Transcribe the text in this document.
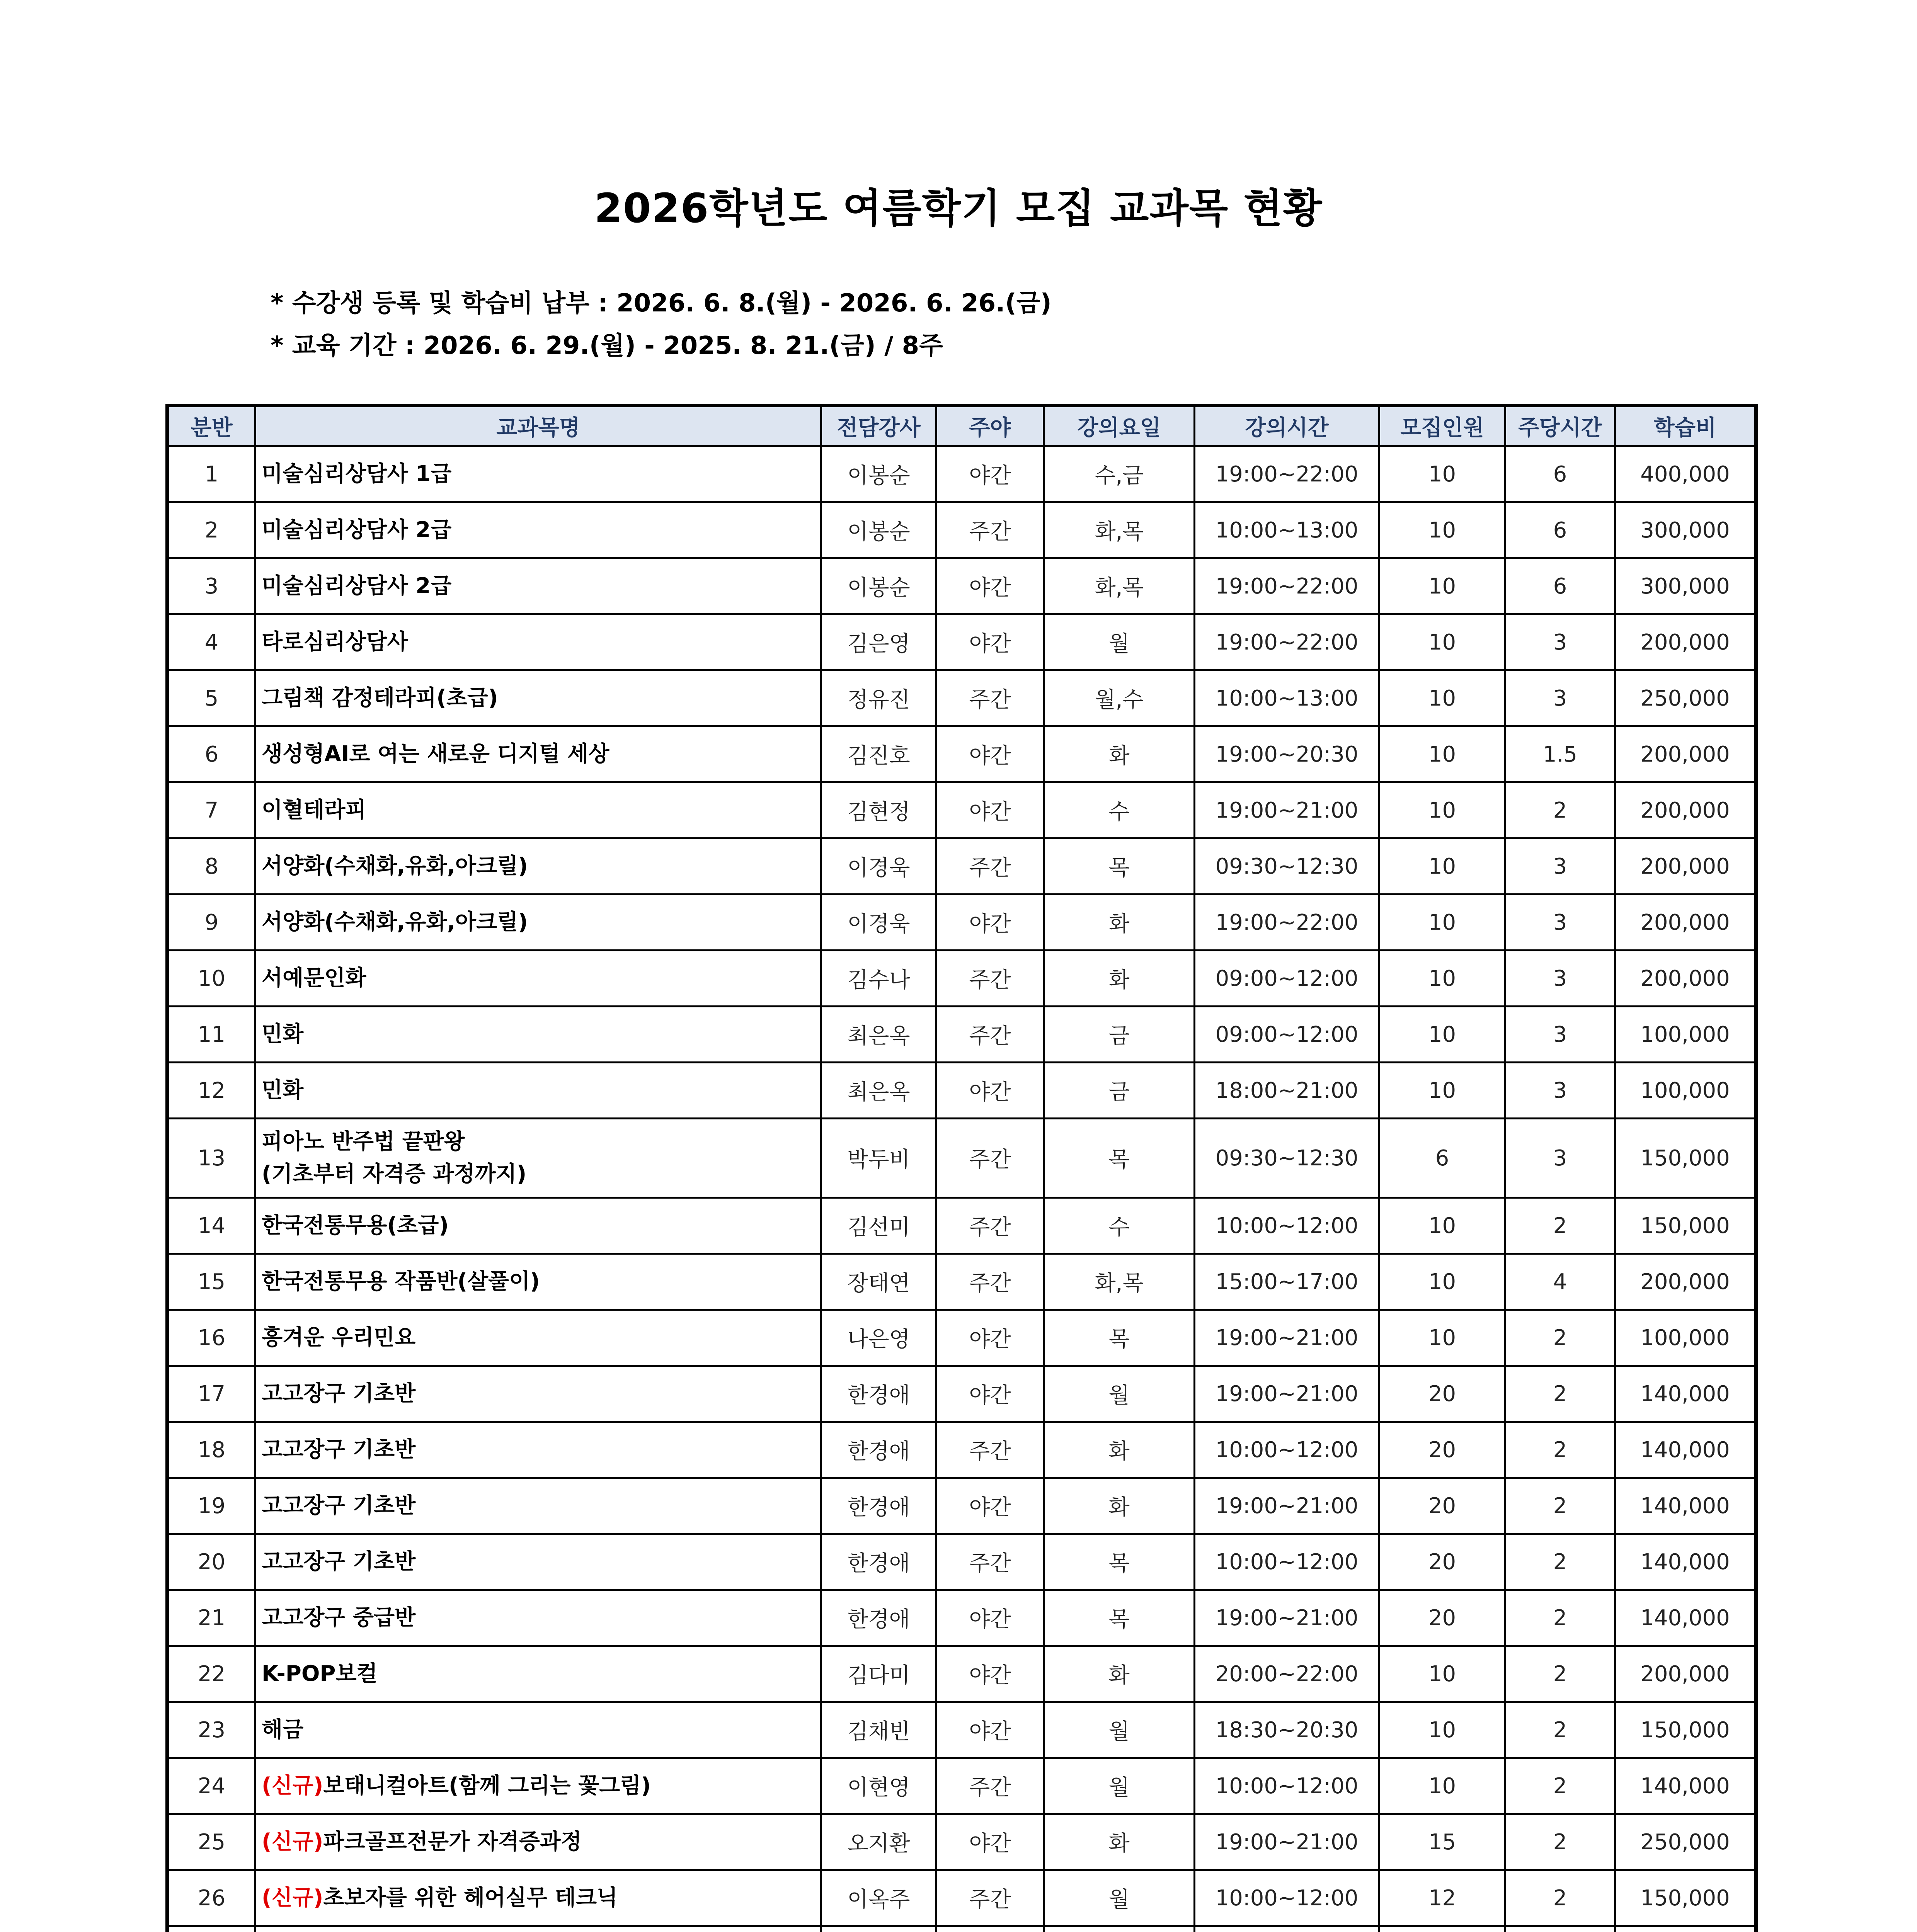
2026학년도 여름학기 모집 교과목 현황
* 수강생 등록 및 학습비 납부 : 2026. 6. 8.(월) - 2026. 6. 26.(금)
* 교육 기간 : 2026. 6. 29.(월) - 2025. 8. 21.(금) / 8주
분반	교과목명	전담강사	주야	강의요일	강의시간	모집인원	주당시간	학습비
1	미술심리상담사 1급	이봉순	야간	수,금	19:00~22:00	10	6	400,000
2	미술심리상담사 2급	이봉순	주간	화,목	10:00~13:00	10	6	300,000
3	미술심리상담사 2급	이봉순	야간	화,목	19:00~22:00	10	6	300,000
4	타로심리상담사	김은영	야간	월	19:00~22:00	10	3	200,000
5	그림책 감정테라피(초급)	정유진	주간	월,수	10:00~13:00	10	3	250,000
6	생성형AI로 여는 새로운 디지털 세상	김진호	야간	화	19:00~20:30	10	1.5	200,000
7	이혈테라피	김현정	야간	수	19:00~21:00	10	2	200,000
8	서양화(수채화,유화,아크릴)	이경욱	주간	목	09:30~12:30	10	3	200,000
9	서양화(수채화,유화,아크릴)	이경욱	야간	화	19:00~22:00	10	3	200,000
10	서예문인화	김수나	주간	화	09:00~12:00	10	3	200,000
11	민화	최은옥	주간	금	09:00~12:00	10	3	100,000
12	민화	최은옥	야간	금	18:00~21:00	10	3	100,000
13	피아노 반주법 끝판왕
(기초부터 자격증 과정까지)	박두비	주간	목	09:30~12:30	6	3	150,000
14	한국전통무용(초급)	김선미	주간	수	10:00~12:00	10	2	150,000
15	한국전통무용 작품반(살풀이)	장태연	주간	화,목	15:00~17:00	10	4	200,000
16	흥겨운 우리민요	나은영	야간	목	19:00~21:00	10	2	100,000
17	고고장구 기초반	한경애	야간	월	19:00~21:00	20	2	140,000
18	고고장구 기초반	한경애	주간	화	10:00~12:00	20	2	140,000
19	고고장구 기초반	한경애	야간	화	19:00~21:00	20	2	140,000
20	고고장구 기초반	한경애	주간	목	10:00~12:00	20	2	140,000
21	고고장구 중급반	한경애	야간	목	19:00~21:00	20	2	140,000
22	K-POP보컬	김다미	야간	화	20:00~22:00	10	2	200,000
23	해금	김채빈	야간	월	18:30~20:30	10	2	150,000
24	(신규)보태니컬아트(함께 그리는 꽃그림)	이현영	주간	월	10:00~12:00	10	2	140,000
25	(신규)파크골프전문가 자격증과정	오지환	야간	화	19:00~21:00	15	2	250,000
26	(신규)초보자를 위한 헤어실무 테크닉	이옥주	주간	월	10:00~12:00	12	2	150,000
